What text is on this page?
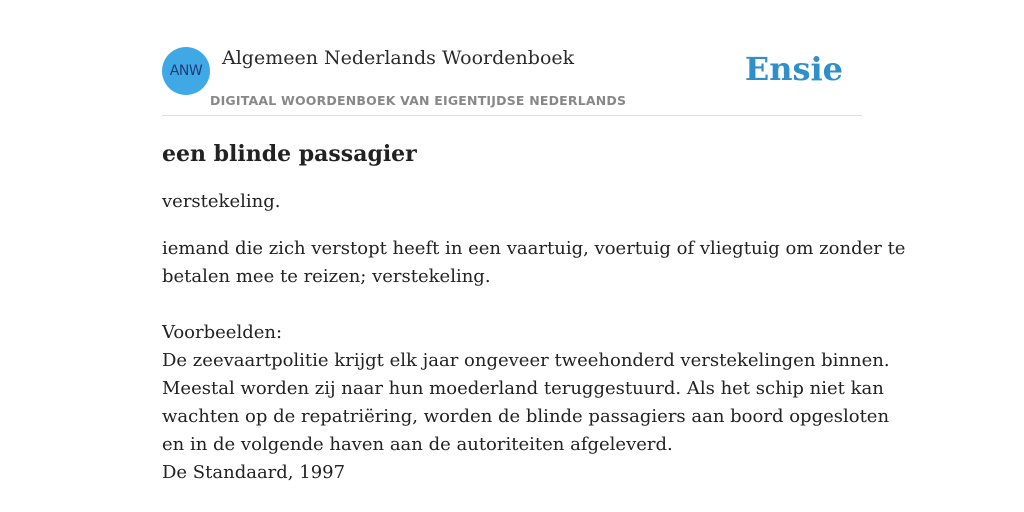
ANW
Algemeen Nederlands Woordenboek
DIGITAAL WOORDENBOEK VAN EIGENTIJDSE NEDERLANDS
Ensie
een blinde passagier
verstekeling.
iemand die zich verstopt heeft in een vaartuig, voertuig of vliegtuig om zonder te
betalen mee te reizen; verstekeling.
Voorbeelden:
De zeevaartpolitie krijgt elk jaar ongeveer tweehonderd verstekelingen binnen.
Meestal worden zij naar hun moederland teruggestuurd. Als het schip niet kan
wachten op de repatriëring, worden de blinde passagiers aan boord opgesloten
en in de volgende haven aan de autoriteiten afgeleverd.
De Standaard, 1997
